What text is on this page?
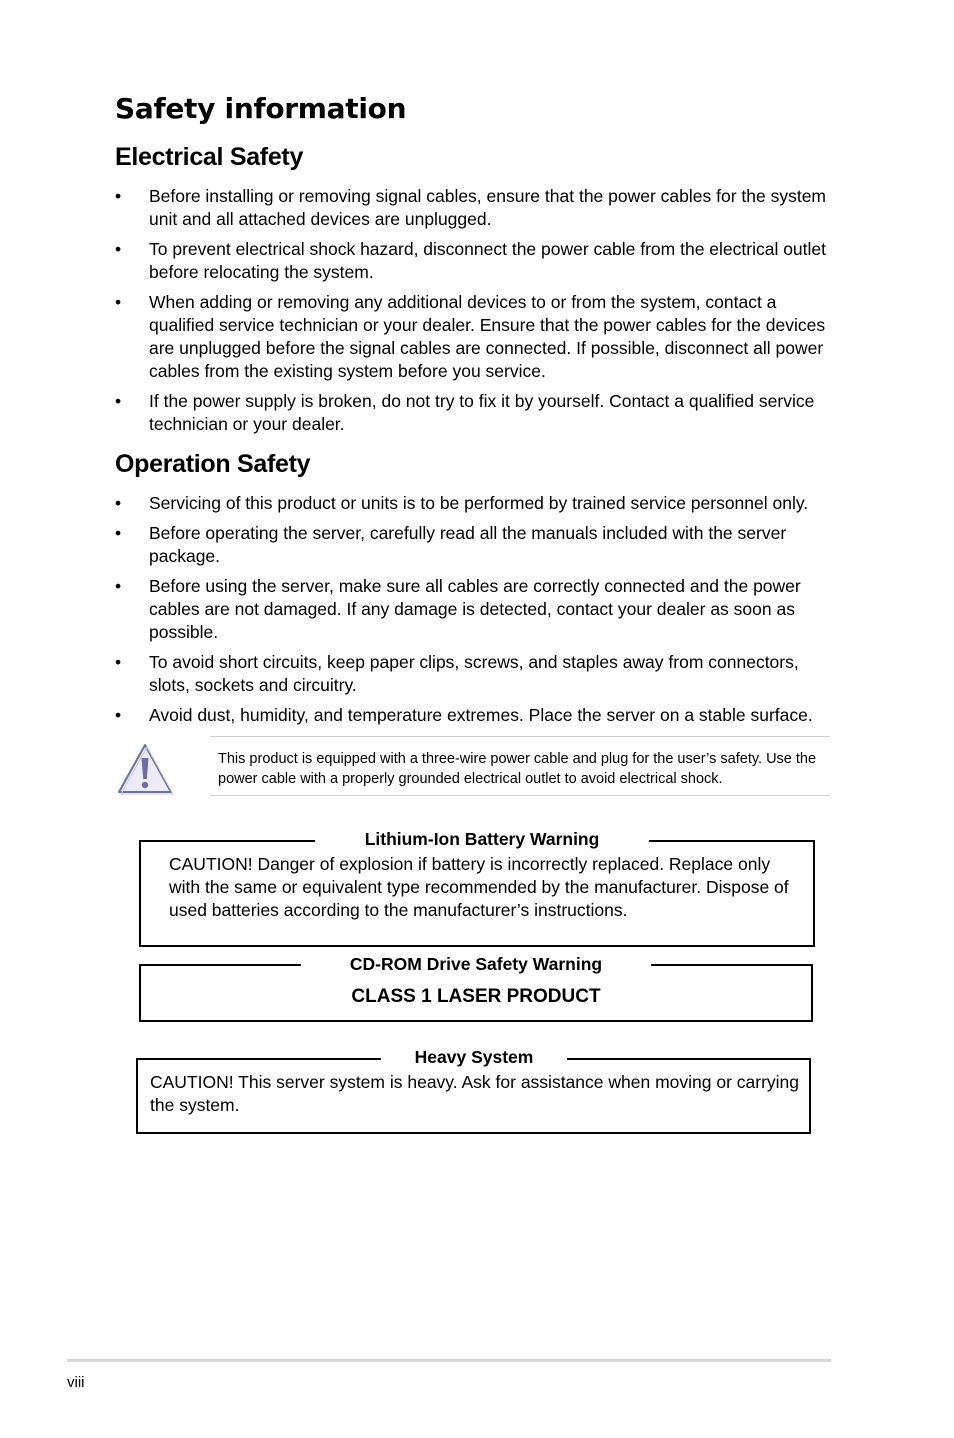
Safety information
Electrical Safety
• Before installing or removing signal cables, ensure that the power cables for the system unit and all attached devices are unplugged.
• To prevent electrical shock hazard, disconnect the power cable from the electrical outlet before relocating the system.
• When adding or removing any additional devices to or from the system, contact a qualified service technician or your dealer. Ensure that the power cables for the devices are unplugged before the signal cables are connected. If possible, disconnect all power cables from the existing system before you service.
• If the power supply is broken, do not try to fix it by yourself. Contact a qualified service technician or your dealer.
Operation Safety
• Servicing of this product or units is to be performed by trained service personnel only.
• Before operating the server, carefully read all the manuals included with the server package.
• Before using the server, make sure all cables are correctly connected and the power cables are not damaged. If any damage is detected, contact your dealer as soon as possible.
• To avoid short circuits, keep paper clips, screws, and staples away from connectors, slots, sockets and circuitry.
• Avoid dust, humidity, and temperature extremes. Place the server on a stable surface.
This product is equipped with a three-wire power cable and plug for the user’s safety. Use the power cable with a properly grounded electrical outlet to avoid electrical shock.
CAUTION! Danger of explosion if battery is incorrectly replaced. Replace only with the same or equivalent type recommended by the manufacturer. Dispose of used batteries according to the manufacturer’s instructions.
Lithium-Ion Battery Warning
CLASS 1 LASER PRODUCT
CD-ROM Drive Safety Warning
CAUTION! This server system is heavy. Ask for assistance when moving or carrying the system.
Heavy System
viii
